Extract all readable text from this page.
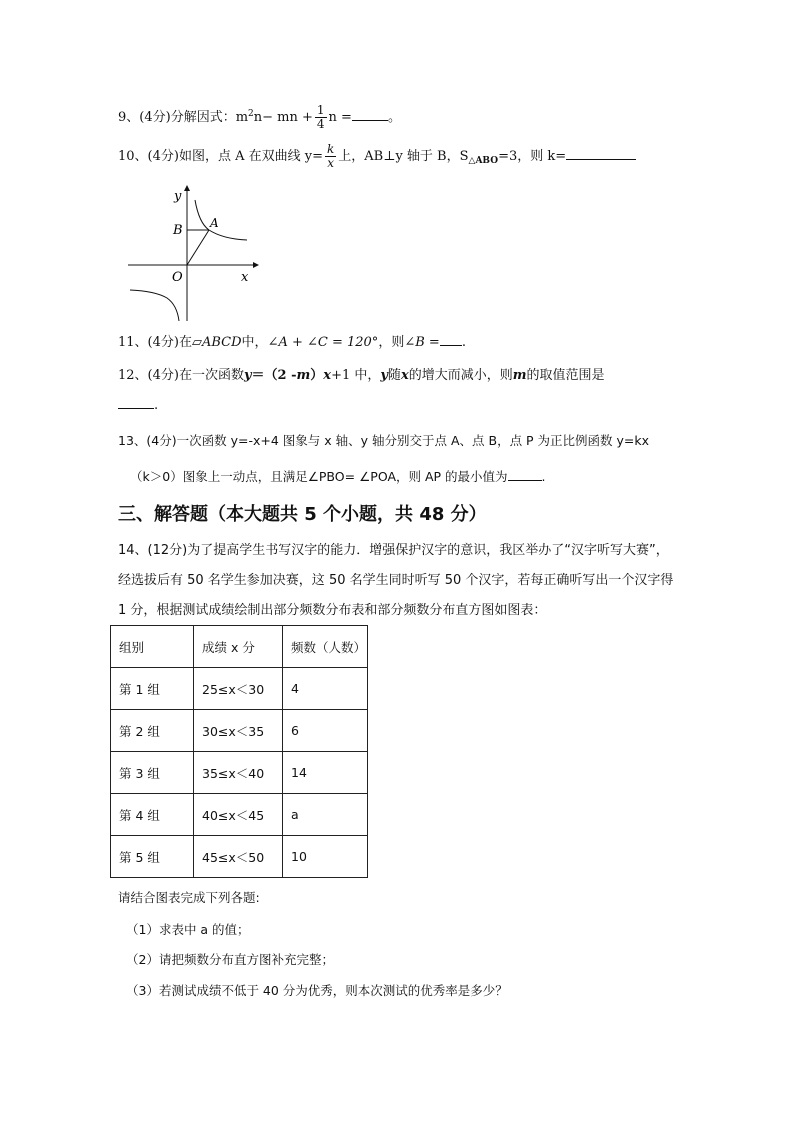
9、(4分)分解因式：$m^2n-$ mn + $\frac{1}{4}$ n =	。
10、(4分)如图，点 A 在双曲线 $y= \frac{k}{x}$ 上，AB⊥y 轴于 B，$S_{\triangle ABO}=3$，则 k=
y
x
O
B A
11、(4分)在▱ABCD中，∠A + ∠C = 120°，则∠B = .
12、(4分)在一次函数y＝（2 -m）x+1 中，y随x的增大而减小，则m的取值范围是
.
13、(4分)一次函数 y=-x+4 图象与 x 轴、y 轴分别交于点 A、点 B，点 P 为正比例函数 y=kx
（k＞0）图象上一动点，且满足∠PBO= ∠POA，则 AP 的最小值为	.
三、解答题（本大题共 5 个小题，共 48 分）
14、(12分)为了提高学生书写汉字的能力．增强保护汉字的意识，我区举办了“汉字听写大赛”，经选拔后有 50 名学生参加决赛，这 50 名学生同时听写 50 个汉字，若每正确听写出一个汉字得 1 分，根据测试成绩绘制出部分频数分布表和部分频数分布直方图如图表：
组别	成绩 x 分	频数（人数）
第 1 组	25≤x＜30	4
第 2 组	30≤x＜35	6
第 3 组	35≤x＜40	14
第 4 组	40≤x＜45	a
第 5 组	45≤x＜50	10
请结合图表完成下列各题:
（1）求表中 a 的值；
（2）请把频数分布直方图补充完整；
（3）若测试成绩不低于 40 分为优秀，则本次测试的优秀率是多少？
